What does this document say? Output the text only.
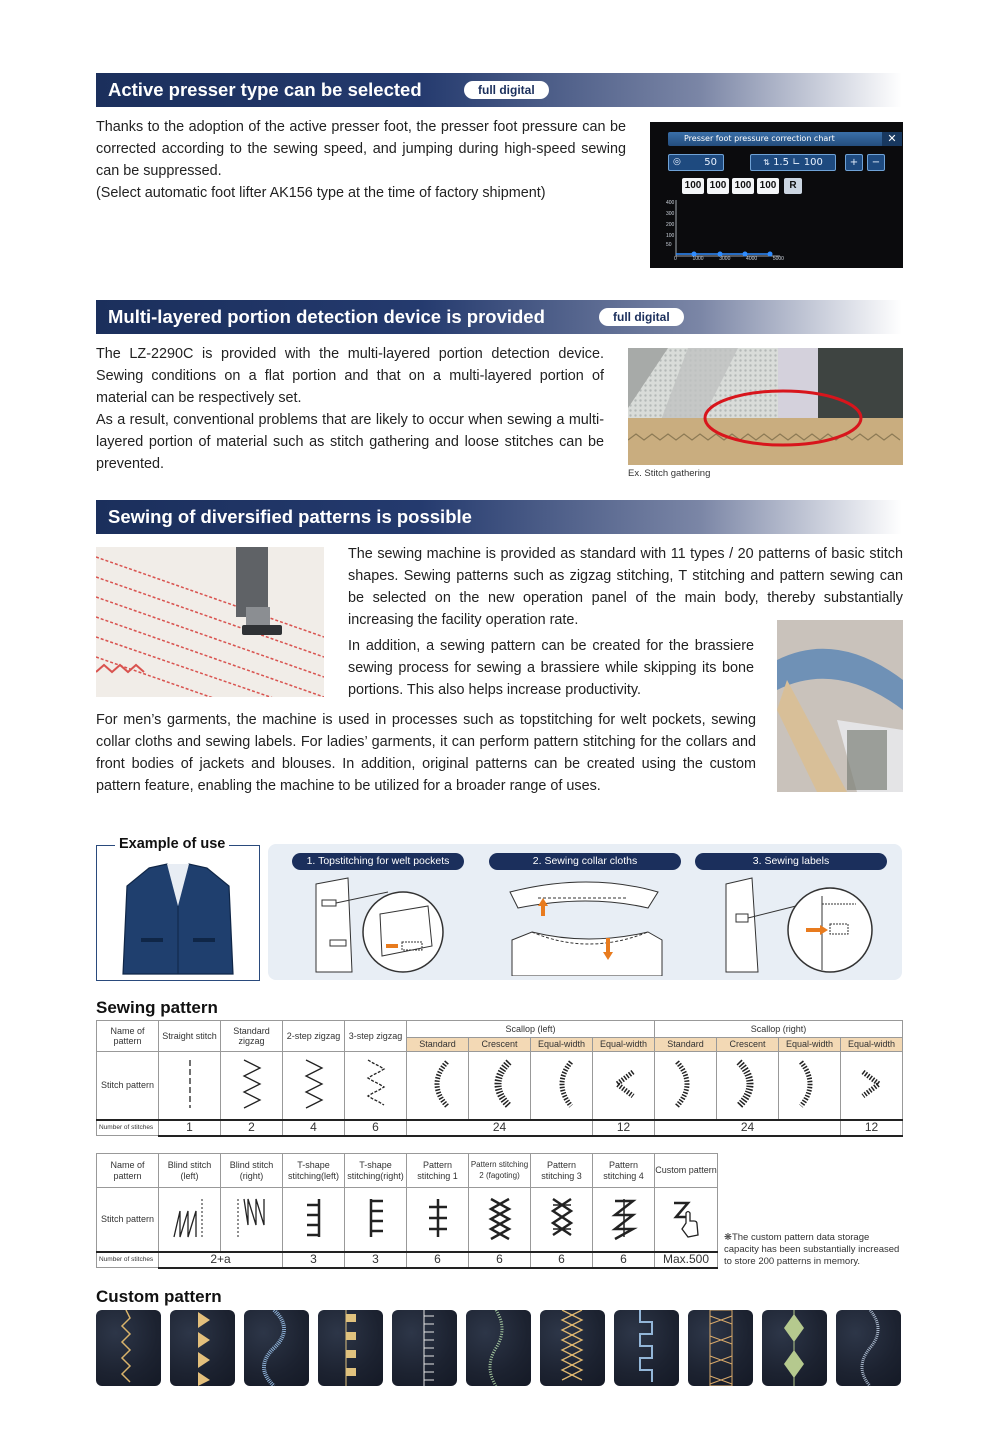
Active presser type can be selected	full digital

Thanks to the adoption of the active presser foot, the presser foot pressure can be corrected according to the sewing speed, and jumping during high-speed sewing can be suppressed.

(Select automatic foot lifter AK156 type at the time of factory shipment)

Presser foot pressure correction chart	✕
◎ 50	⇅ 1.5 ∟ 100	+	−
100 100 100 100	R
400
300
200
100
50
0	1000	3000	4000	5000
Multi-layered portion detection device is provided	full digital

The LZ-2290C is provided with the multi-layered portion detection device. Sewing conditions on a flat portion and that on a multi-layered portion of material can be respectively set.

As a result, conventional problems that are likely to occur when sewing a multi-layered portion of material such as stitch gathering and loose stitches can be prevented.

Ex. Stitch gathering
Sewing of diversified patterns is possible
The sewing machine is provided as standard with 11 types / 20 patterns of basic stitch shapes. Sewing patterns such as zigzag stitching, T stitching and pattern sewing can be selected on the new operation panel of the main body, thereby substantially increasing the facility operation rate.
In addition, a sewing pattern can be created for the brassiere sewing process for sewing a brassiere while skipping its bone portions. This also helps increase productivity.
For men’s garments, the machine is used in processes such as topstitching for welt pockets, sewing collar cloths and sewing labels. For ladies’ garments, it can perform pattern stitching for the collars and front bodies of jackets and blouses. In addition, original patterns can be created using the custom pattern feature, enabling the machine to be utilized for a broader range of uses.
Example of use
1. Topstitching for welt pockets	2. Sewing collar cloths	3. Sewing labels
Sewing pattern
Name of pattern	Straight stitch	Standard zigzag	2-step zigzag	3-step zigzag	Scallop (left)				Scallop (right)			
					Standard	Crescent	Equal-width	Equal-width	Standard	Crescent	Equal-width	Equal-width
Stitch pattern												
Number of stitches	1	2	4	6	24			12	24			12
Name of pattern	Blind stitch (left)	Blind stitch (right)	T-shape stitching(left)	T-shape stitching(right)	Pattern stitching 1	Pattern stitching 2 (fagoting)	Pattern stitching 3	Pattern stitching 4	Custom pattern
Stitch pattern									
Number of stitches	2+a		3	3	6	6	6	6	Max.500
❋The custom pattern data storage capacity has been substantially increased to store 200 patterns in memory.
Custom pattern
